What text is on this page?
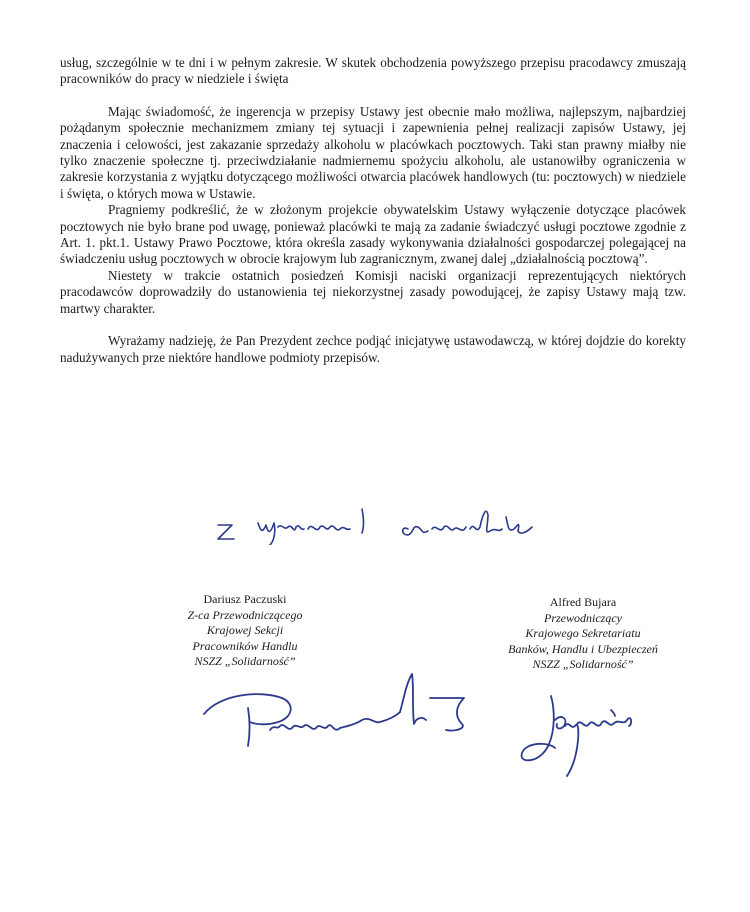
usług, szczególnie w te dni i w pełnym zakresie. W skutek obchodzenia powyższego przepisu pracodawcy zmuszają pracowników do pracy w niedziele i święta

Mając świadomość, że ingerencja w przepisy Ustawy jest obecnie mało możliwa, najlepszym, najbardziej pożądanym społecznie mechanizmem zmiany tej sytuacji i zapewnienia pełnej realizacji zapisów Ustawy, jej znaczenia i celowości, jest zakazanie sprzedaży alkoholu w placówkach pocztowych. Taki stan prawny miałby nie tylko znaczenie społeczne tj. przeciwdziałanie nadmiernemu spożyciu alkoholu, ale ustanowiłby ograniczenia w zakresie korzystania z wyjątku dotyczącego możliwości otwarcia placówek handlowych (tu: pocztowych) w niedziele i święta, o których mowa w Ustawie.

Pragniemy podkreślić, że w złożonym projekcie obywatelskim Ustawy wyłączenie dotyczące placówek pocztowych nie było brane pod uwagę, ponieważ placówki te mają za zadanie świadczyć usługi pocztowe zgodnie z Art. 1. pkt.1. Ustawy Prawo Pocztowe, która określa zasady wykonywania działalności gospodarczej polegającej na świadczeniu usług pocztowych w obrocie krajowym lub zagranicznym, zwanej dalej „działalnością pocztową”.

Niestety w trakcie ostatnich posiedzeń Komisji naciski organizacji reprezentujących niektórych pracodawców doprowadziły do ustanowienia tej niekorzystnej zasady powodującej, że zapisy Ustawy mają tzw. martwy charakter.

Wyrażamy nadzieję, że Pan Prezydent zechce podjąć inicjatywę ustawodawczą, w której dojdzie do korekty nadużywanych prze niektóre handlowe podmioty przepisów.

Dariusz Paczuski
Z-ca Przewodniczącego
Krajowej Sekcji
Pracowników Handlu
NSZZ „Solidarność”
Alfred Bujara
Przewodniczący
Krajowego Sekretariatu
Banków, Handlu i Ubezpieczeń
NSZZ „Solidarność”
